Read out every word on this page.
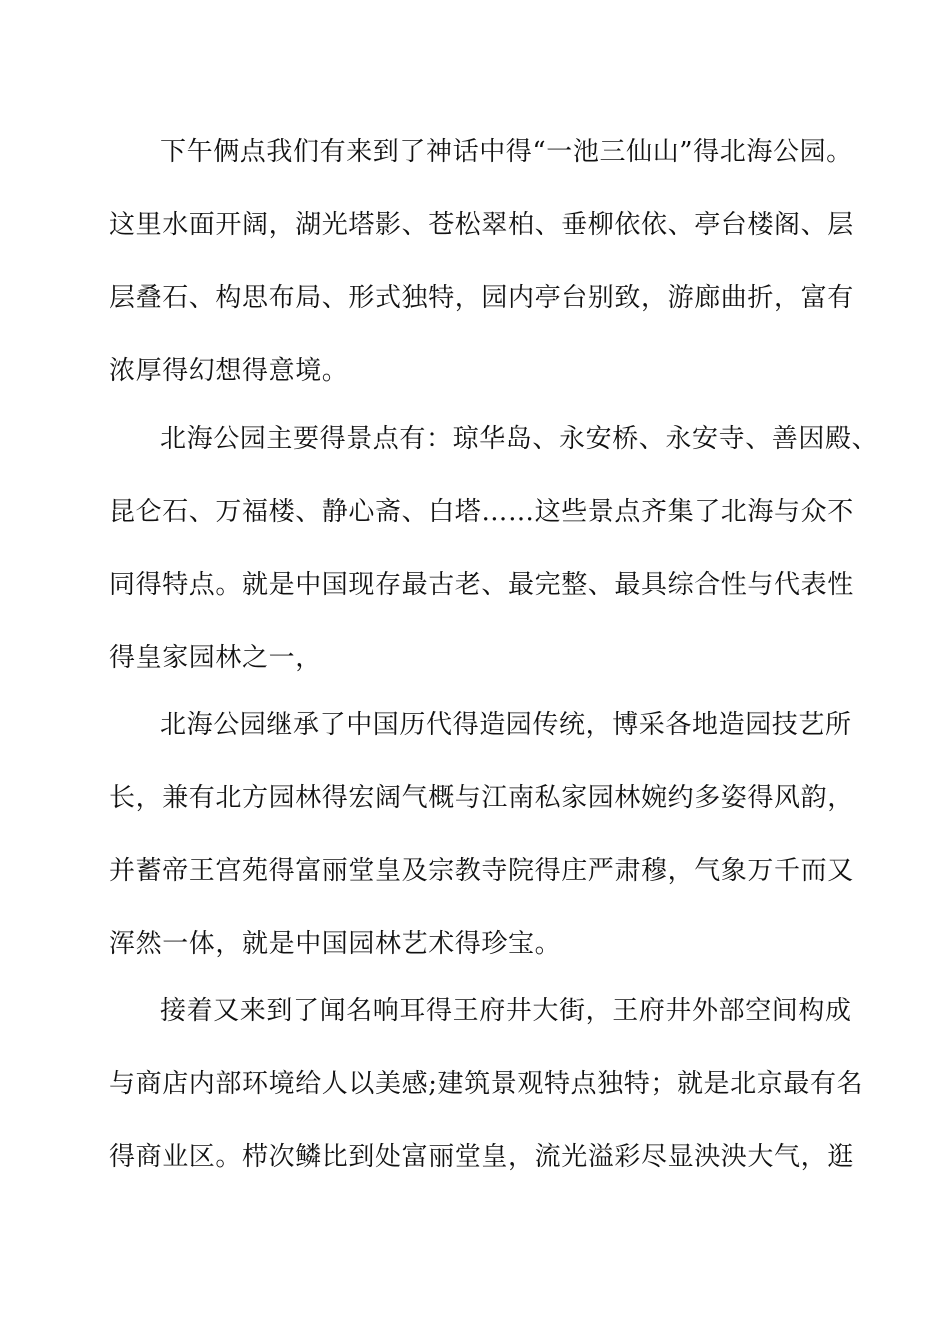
下午俩点我们有来到了神话中得“一池三仙山”得北海公园。
这里水面开阔，湖光塔影、苍松翠柏、垂柳依依、亭台楼阁、层
层叠石、构思布局、形式独特，园内亭台别致，游廊曲折，富有
浓厚得幻想得意境。
北海公园主要得景点有：琼华岛、永安桥、永安寺、善因殿、
昆仑石、万福楼、静心斋、白塔……这些景点齐集了北海与众不
同得特点。就是中国现存最古老、最完整、最具综合性与代表性
得皇家园林之一，
北海公园继承了中国历代得造园传统，博采各地造园技艺所
长，兼有北方园林得宏阔气概与江南私家园林婉约多姿得风韵，
并蓄帝王宫苑得富丽堂皇及宗教寺院得庄严肃穆，气象万千而又
浑然一体，就是中国园林艺术得珍宝。
接着又来到了闻名响耳得王府井大街，王府井外部空间构成
与商店内部环境给人以美感;建筑景观特点独特；就是北京最有名
得商业区。栉次鳞比到处富丽堂皇，流光溢彩尽显泱泱大气，逛
